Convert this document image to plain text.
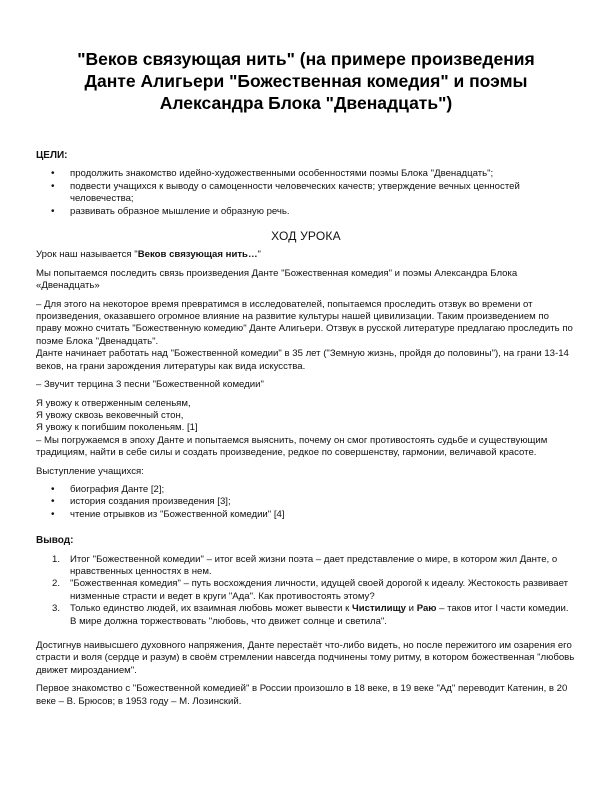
"Веков связующая нить" (на примере произведения
Данте Алигьери "Божественная комедия" и поэмы
Александра Блока "Двенадцать")
ЦЕЛИ:
• продолжить знакомство идейно-художественными особенностями поэмы Блока "Двенадцать";
• подвести учащихся к выводу о самоценности человеческих качеств; утверждение вечных ценностей человечества;
• развивать образное мышление и образную речь.
ХОД УРОКА

Урок наш называется "Веков связующая нить…"

Мы попытаемся последить связь произведения Данте "Божественная комедия" и поэмы Александра Блока «Двенадцать»

– Для этого на некоторое время превратимся в исследователей, попытаемся проследить отзвук во времени от произведения, оказавшего огромное влияние на развитие культуры нашей цивилизации. Таким произведением по праву можно считать "Божественную комедию" Данте Алигьери. Отзвук в русской литературе предлагаю проследить по поэме Блока "Двенадцать".

Данте начинает работать над "Божественной комедии" в 35 лет ("Земную жизнь, пройдя до половины"), на грани 13-14 веков, на грани зарождения литературы как вида искусства.

– Звучит терцина 3 песни "Божественной комедии"

Я увожу к отверженным селеньям,
Я увожу сквозь вековечный стон,
Я увожу к погибшим поколеньям. [1]

– Мы погружаемся в эпоху Данте и попытаемся выяснить, почему он смог противостоять судьбе и существующим традициям, найти в себе силы и создать произведение, редкое по совершенству, гармонии, величавой красоте.

Выступление учащихся:

• биография Данте [2];
• история создания произведения [3];
• чтение отрывков из "Божественной комедии" [4]
Вывод:
1. Итог "Божественной комедии" – итог всей жизни поэта – дает представление о мире, в котором жил Данте, о нравственных ценностях в нем.
2. "Божественная комедия" – путь восхождения личности, идущей своей дорогой к идеалу. Жестокость развивает низменные страсти и ведет в круги "Ада". Как противостоять этому?
3. Только единство людей, их взаимная любовь может вывести к Чистилищу и Раю – таков итог I части комедии. В мире должна торжествовать "любовь, что движет солнце и светила".

Достигнув наивысшего духовного напряжения, Данте перестаёт что-либо видеть, но после пережитого им озарения его страсти и воля (сердце и разум) в своём стремлении навсегда подчинены тому ритму, в котором божественная "любовь движет мирозданием".

Первое знакомство с "Божественной комедией" в России произошло в 18 веке, в 19 веке "Ад" переводит Катенин, в 20 веке – В. Брюсов; в 1953 году – М. Лозинский.
